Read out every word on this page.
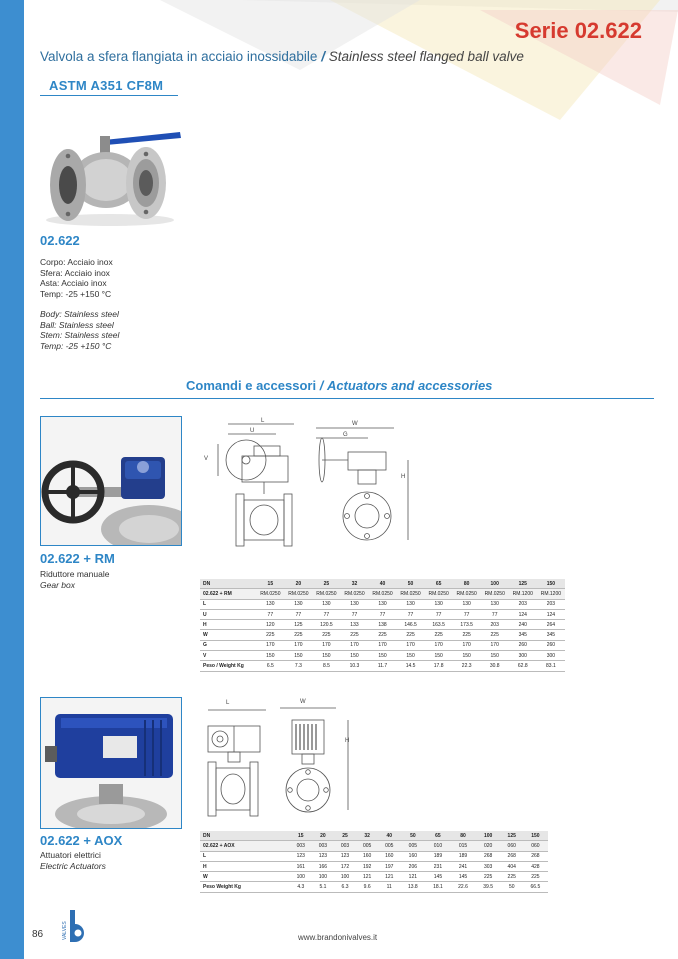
Serie 02.622
Valvola a sfera flangiata in acciaio inossidabile / Stainless steel flanged ball valve
ASTM A351 CF8M
02.622
Corpo: Acciaio inox
Sfera: Acciaio inox
Asta: Acciaio inox
Temp: -25 +150 °C
Body: Stainless steel
Ball: Stainless steel
Stem: Stainless steel
Temp: -25 +150 °C
Comandi e accessori / Actuators and accessories
02.622 + RM
Riduttore manuale
Gear box
L
U
W
G
V
H
DN	15	20	25	32	40	50	65	80	100	125	150
02.622 + RM	RM.0250	RM.0250	RM.0250	RM.0250	RM.0250	RM.0250	RM.0250	RM.0250	RM.0250	RM.1200	RM.1200
L	130	130	130	130	130	130	130	130	130	203	203
U	77	77	77	77	77	77	77	77	77	124	124
H	120	125	120.5	133	138	146.5	163.5	173.5	203	240	264
W	225	225	225	225	225	225	225	225	225	345	345
G	170	170	170	170	170	170	170	170	170	260	260
V	150	150	150	150	150	150	150	150	150	300	300
Peso / Weight Kg	6.5	7.3	8.5	10.3	11.7	14.5	17.8	22.3	30.8	62.8	83.1
02.622 + AOX
Attuatori elettrici
Electric Actuators
L	W
H
DN	15	20	25	32	40	50	65	80	100	125	150
02.622 + AOX	003	003	003	005	005	005	010	015	020	060	060
L	123	123	123	160	160	160	189	189	268	268	268
H	161	166	172	192	197	206	231	241	303	404	428
W	100	100	100	121	121	121	145	145	225	225	225
Peso Weight Kg	4.3	5.1	6.3	9.6	11	13.8	18.1	22.6	39.5	50	66.5
86	VALVES	www.brandonivalves.it
